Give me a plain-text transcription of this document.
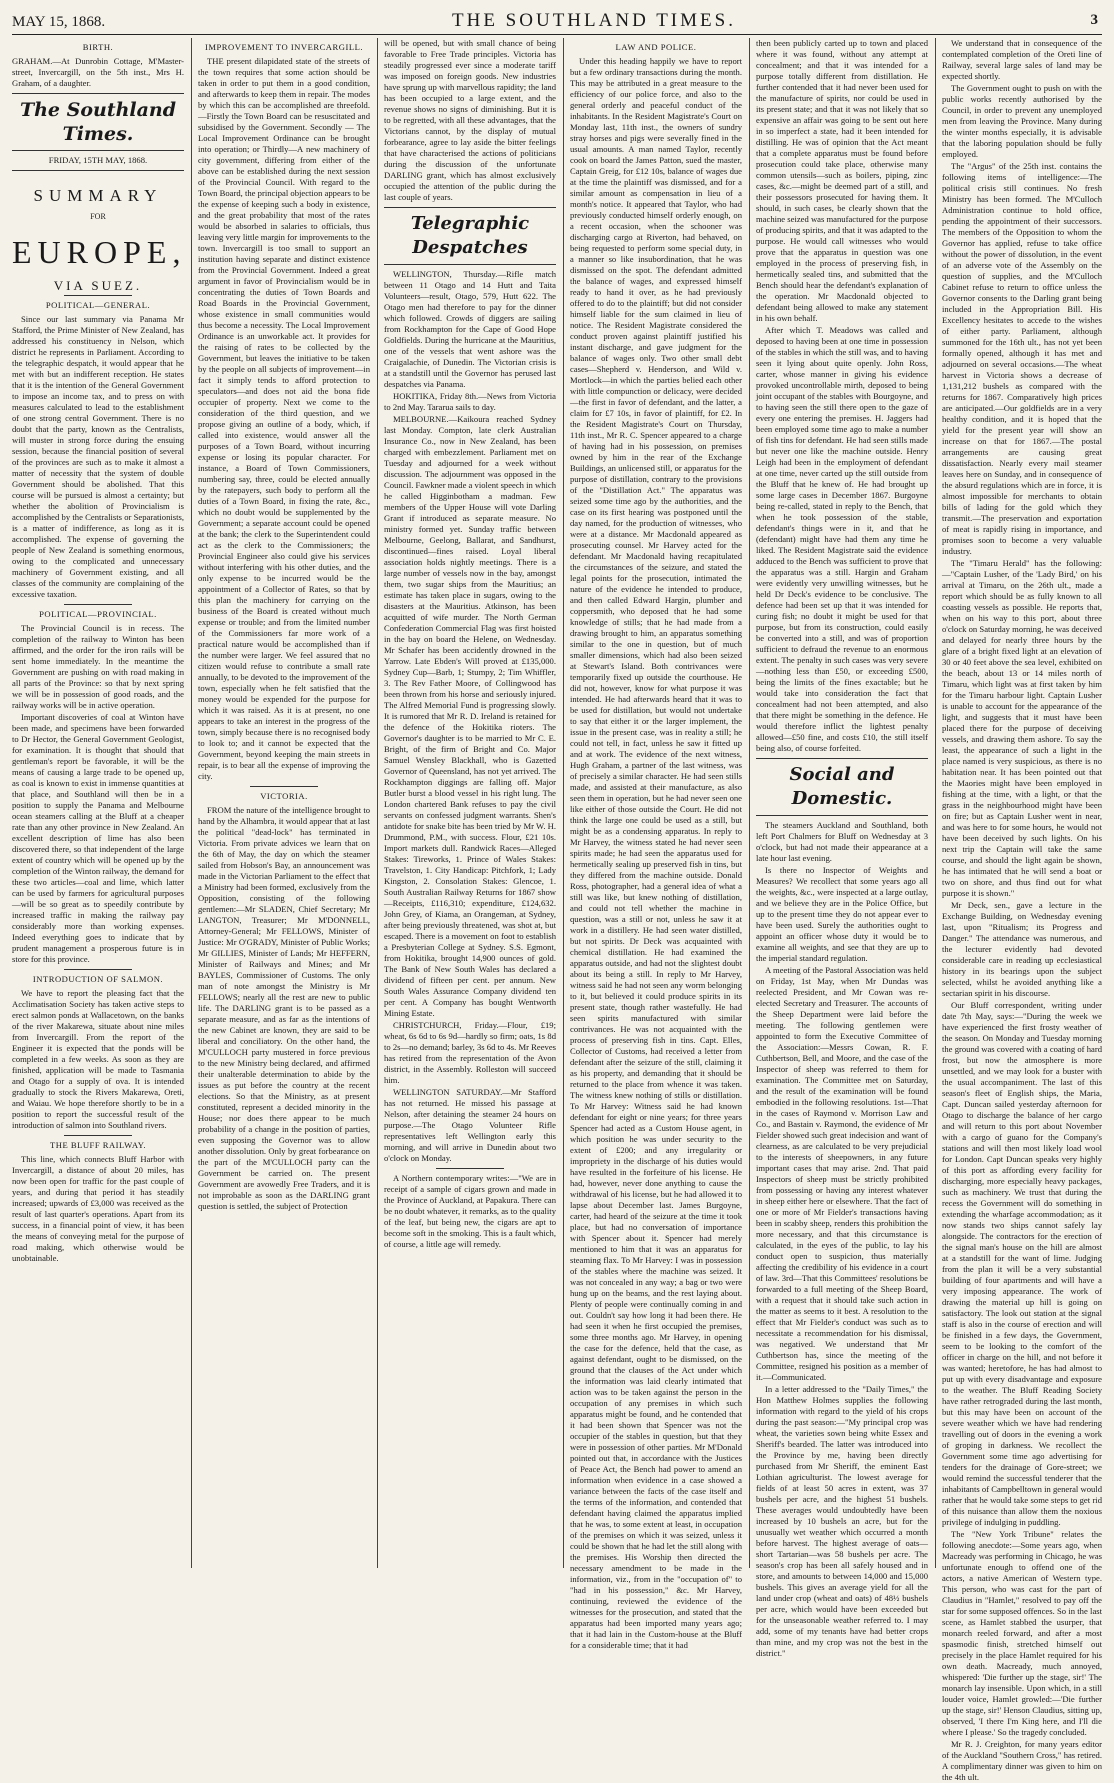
MAY 15, 1868.	THE SOUTHLAND TIMES.	3
BIRTH.

GRAHAM.—At Dunrobin Cottage, M'Master-street, Invercargill, on the 5th inst., Mrs H. Graham, of a daughter.

The Southland Times.
FRIDAY, 15TH MAY, 1868.
SUMMARY
FOR
EUROPE,
VIA SUEZ.
POLITICAL—GENERAL.

Since our last summary via Panama Mr Stafford, the Prime Minister of New Zealand, has addressed his constituency in Nelson, which district he represents in Parliament. According to the telegraphic despatch, it would appear that he met with but an indifferent reception. He states that it is the intention of the General Government to impose an income tax, and to press on with measures calculated to lead to the establishment of one strong central Government. There is no doubt that the party, known as the Centralists, will muster in strong force during the ensuing session, because the financial position of several of the provinces are such as to make it almost a matter of necessity that the system of double Government should be abolished. That this course will be pursued is almost a certainty; but whether the abolition of Provincialism is accomplished by the Centralists or Separationists, is a matter of indifference, as long as it is accomplished. The expense of governing the people of New Zealand is something enormous, owing to the complicated and unnecessary machinery of Government existing, and all classes of the community are complaining of the excessive taxation.

POLITICAL—PROVINCIAL.

The Provincial Council is in recess. The completion of the railway to Winton has been affirmed, and the order for the iron rails will be sent home immediately. In the meantime the Government are pushing on with road making in all parts of the Province: so that by next spring we will be in possession of good roads, and the railway works will be in active operation.

Important discoveries of coal at Winton have been made, and specimens have been forwarded to Dr Hector, the General Government Geologist, for examination. It is thought that should that gentleman's report be favorable, it will be the means of causing a large trade to be opened up, as coal is known to exist in immense quantities at that place, and Southland will then be in a position to supply the Panama and Melbourne ocean steamers calling at the Bluff at a cheaper rate than any other province in New Zealand. An excellent description of lime has also been discovered there, so that independent of the large extent of country which will be opened up by the completion of the Winton railway, the demand for these two articles—coal and lime, which latter can be used by farmers for agricultural purposes—will be so great as to speedily contribute by increased traffic in making the railway pay considerably more than working expenses. Indeed everything goes to indicate that by prudent management a prosperous future is in store for this province.

INTRODUCTION OF SALMON.

We have to report the pleasing fact that the Acclimatisation Society has taken active steps to erect salmon ponds at Wallacetown, on the banks of the river Makarewa, situate about nine miles from Invercargill. From the report of the Engineer it is expected that the ponds will be completed in a few weeks. As soon as they are finished, application will be made to Tasmania and Otago for a supply of ova. It is intended gradually to stock the Rivers Makarewa, Oreti, and Waiau. We hope therefore shortly to be in a position to report the successful result of the introduction of salmon into Southland rivers.

THE BLUFF RAILWAY.

This line, which connects Bluff Harbor with Invercargill, a distance of about 20 miles, has now been open for traffic for the past couple of years, and during that period it has steadily increased; upwards of £3,000 was received as the result of last quarter's operations. Apart from its success, in a financial point of view, it has been the means of conveying metal for the purpose of road making, which otherwise would be unobtainable.

IMPROVEMENT TO INVERCARGILL.

THE present dilapidated state of the streets of the town requires that some action should be taken in order to put them in a good condition, and afterwards to keep them in repair. The modes by which this can be accomplished are threefold.—Firstly the Town Board can be resuscitated and subsidised by the Government. Secondly — The Local Improvement Ordinance can be brought into operation; or Thirdly—A new machinery of city government, differing from either of the above can be established during the next session of the Provincial Council. With regard to the Town Board, the principal objection appears to be the expense of keeping such a body in existence, and the great probability that most of the rates would be absorbed in salaries to officials, thus leaving very little margin for improvements to the town. Invercargill is too small to support an institution having separate and distinct existence from the Provincial Government. Indeed a great argument in favor of Provincialism would be in concentrating the duties of Town Boards and Road Boards in the Provincial Government, whose existence in small communities would thus become a necessity. The Local Improvement Ordinance is an unworkable act. It provides for the raising of rates to be collected by the Government, but leaves the initiative to be taken by the people on all subjects of improvement—in fact it simply tends to afford protection to speculators—and does not aid the bona fide occupier of property. Next we come to the consideration of the third question, and we propose giving an outline of a body, which, if called into existence, would answer all the purposes of a Town Board, without incurring expense or losing its popular character. For instance, a Board of Town Commissioners, numbering say, three, could be elected annually by the ratepayers, such body to perform all the duties of a Town Board, in fixing the rate, &c., which no doubt would be supplemented by the Government; a separate account could be opened at the bank; the clerk to the Superintendent could act as the clerk to the Commissioners; the Provincial Engineer also could give his services without interfering with his other duties, and the only expense to be incurred would be the appointment of a Collector of Rates, so that by this plan the machinery for carrying on the business of the Board is created without much expense or trouble; and from the limited number of the Commissioners far more work of a practical nature would be accomplished than if the number were larger. We feel assured that no citizen would refuse to contribute a small rate annually, to be devoted to the improvement of the town, especially when he felt satisfied that the money would be expended for the purpose for which it was raised. As it is at present, no one appears to take an interest in the progress of the town, simply because there is no recognised body to look to; and it cannot be expected that the Government, beyond keeping the main streets in repair, is to bear all the expense of improving the city.

VICTORIA.

FROM the nature of the intelligence brought to hand by the Alhambra, it would appear that at last the political "dead-lock" has terminated in Victoria. From private advices we learn that on the 6th of May, the day on which the steamer sailed from Hobson's Bay, an announcement was made in the Victorian Parliament to the effect that a Ministry had been formed, exclusively from the Opposition, consisting of the following gentlemen:—Mr SLADEN, Chief Secretary; Mr LANGTON, Treasurer; Mr M'DONNELL, Attorney-General; Mr FELLOWS, Minister of Justice: Mr O'GRADY, Minister of Public Works; Mr GILLIES, Minister of Lands; Mr HEFFERN, Minister of Railways and Mines; and Mr BAYLES, Commissioner of Customs. The only man of note amongst the Ministry is Mr FELLOWS; nearly all the rest are new to public life. The DARLING grant is to be passed as a separate measure, and as far as the intentions of the new Cabinet are known, they are said to be liberal and conciliatory. On the other hand, the M'CULLOCH party mustered in force previous to the new Ministry being declared, and affirmed their unalterable determination to abide by the issues as put before the country at the recent elections. So that the Ministry, as at present constituted, represent a decided minority in the House; nor does there appear to be much probability of a change in the position of parties, even supposing the Governor was to allow another dissolution. Only by great forbearance on the part of the M'CULLOCH party can the Government be carried on. The present Government are avowedly Free Traders, and it is not improbable as soon as the DARLING grant question is settled, the subject of Protection

will be opened, but with small chance of being favorable to Free Trade principles. Victoria has steadily progressed ever since a moderate tariff was imposed on foreign goods. New industries have sprung up with marvellous rapidity; the land has been occupied to a large extent, and the revenue shows no signs of diminishing. But it is to be regretted, with all these advantages, that the Victorians cannot, by the display of mutual forbearance, agree to lay aside the bitter feelings that have characterised the actions of politicians during the discussion of the unfortunate DARLING grant, which has almost exclusively occupied the attention of the public during the last couple of years.

Telegraphic Despatches

WELLINGTON, Thursday.—Rifle match between 11 Otago and 14 Hutt and Taita Volunteers—result, Otago, 579, Hutt 622. The Otago men had therefore to pay for the dinner which followed. Crowds of diggers are sailing from Rockhampton for the Cape of Good Hope Goldfields. During the hurricane at the Mauritius, one of the vessels that went ashore was the Craigalachie, of Dunedin. The Victorian crisis is at a standstill until the Governor has perused last despatches via Panama.

HOKITIKA, Friday 8th.—News from Victoria to 2nd May. Tararua sails to day.

MELBOURNE.—Kaikoura reached Sydney last Monday. Compton, late clerk Australian Insurance Co., now in New Zealand, has been charged with embezzlement. Parliament met on Tuesday and adjourned for a week without discussion. The adjournment was opposed in the Council. Fawkner made a violent speech in which he called Higginbotham a madman. Few members of the Upper House will vote Darling Grant if introduced as separate measure. No ministry formed yet. Sunday traffic between Melbourne, Geelong, Ballarat, and Sandhurst, discontinued—fines raised. Loyal liberal association holds nightly meetings. There is a large number of vessels now in the bay, amongst them, two sugar ships from the Mauritius; an estimate has taken place in sugars, owing to the disasters at the Mauritius. Atkinson, has been acquitted of wife murder. The North German Confederation Commercial Flag was first hoisted in the bay on board the Helene, on Wednesday. Mr Schafer has been accidently drowned in the Yarrow. Late Ebden's Will proved at £135,000. Sydney Cup—Barb, 1; Stumpy, 2; Tim Whiffler, 3. The Rev Father Moore, of Collingwood has been thrown from his horse and seriously injured. The Alfred Memorial Fund is progressing slowly. It is rumored that Mr R. D. Ireland is retained for the defence of the Hokitika rioters. The Governor's daughter is to be married to Mr C. E. Bright, of the firm of Bright and Co. Major Samuel Wensley Blackhall, who is Gazetted Governor of Queensland, has not yet arrived. The Rockhampton diggings are falling off. Major Butler burst a blood vessel in his right lung. The London chartered Bank refuses to pay the civil servants on confessed judgment warrants. Shen's antidote for snake bite has been tried by Mr W. H. Drummond, P.M., with success. Flour, £21 10s. Import markets dull. Randwick Races—Alleged Stakes: Tireworks, 1. Prince of Wales Stakes: Travelston, 1. City Handicap: Pitchfork, 1; Lady Kingston, 2. Consolation Stakes: Glencoe, 1. South Australian Railway Returns for 1867 show—Receipts, £116,310; expenditure, £124,632. John Grey, of Kiama, an Orangeman, at Sydney, after being previously threatened, was shot at, but escaped. There is a movement on foot to establish a Presbyterian College at Sydney. S.S. Egmont, from Hokitika, brought 14,900 ounces of gold. The Bank of New South Wales has declared a dividend of fifteen per cent. per annum. New South Wales Assurance Company dividend ten per cent. A Company has bought Wentworth Mining Estate.

CHRISTCHURCH, Friday.—Flour, £19; wheat, 6s 6d to 6s 9d—hardly so firm; oats, 1s 8d to 2s—no demand; barley, 3s 6d to 4s. Mr Reeves has retired from the representation of the Avon district, in the Assembly. Rolleston will succeed him.

WELLINGTON SATURDAY.—Mr Stafford has not returned. He missed his passage at Nelson, after detaining the steamer 24 hours on purpose.—The Otago Volunteer Rifle representatives left Wellington early this morning, and will arrive in Dunedin about two o'clock on Monday.

A Northern contemporary writes:—"We are in receipt of a sample of cigars grown and made in the Province of Auckland, at Papakura. There can be no doubt whatever, it remarks, as to the quality of the leaf, but being new, the cigars are apt to become soft in the smoking. This is a fault which, of course, a little age will remedy.

LAW AND POLICE.

Under this heading happily we have to report but a few ordinary transactions during the month. This may be attributed in a great measure to the efficiency of our police force, and also to the general orderly and peaceful conduct of the inhabitants. In the Resident Magistrate's Court on Monday last, 11th inst., the owners of sundry stray horses and pigs were severally fined in the usual amounts. A man named Taylor, recently cook on board the James Patton, sued the master, Captain Greig, for £12 10s, balance of wages due at the time the plaintiff was dismissed, and for a similar amount as compensation in lieu of a month's notice. It appeared that Taylor, who had previously conducted himself orderly enough, on a recent occasion, when the schooner was discharging cargo at Riverton, had behaved, on being requested to perform some special duty, in a manner so like insubordination, that he was dismissed on the spot. The defendant admitted the balance of wages, and expressed himself ready to hand it over, as he had previously offered to do to the plaintiff; but did not consider himself liable for the sum claimed in lieu of notice. The Resident Magistrate considered the conduct proven against plaintiff justified his instant discharge, and gave judgment for the balance of wages only. Two other small debt cases—Shepherd v. Henderson, and Wild v. Mortlock—in which the parties belied each other with little compunction or delicacy, were decided—the first in favor of defendant, and the latter, a claim for £7 10s, in favor of plaintiff, for £2. In the Resident Magistrate's Court on Thursday, 11th inst., Mr R. C. Spencer appeared to a charge of having had in his possession, on premises owned by him in the rear of the Exchange Buildings, an unlicensed still, or apparatus for the purpose of distillation, contrary to the provisions of the "Distillation Act." The apparatus was seized some time ago by the authorities, and the case on its first hearing was postponed until the day named, for the production of witnesses, who were at a distance. Mr Macdonald appeared as prosecuting counsel. Mr Harvey acted for the defendant. Mr Macdonald having recapitulated the circumstances of the seizure, and stated the legal points for the prosecution, intimated the nature of the evidence he intended to produce, and then called Edward Hargin, plumber and coppersmith, who deposed that he had some knowledge of stills; that he had made from a drawing brought to him, an apparatus something similar to the one in question, but of much smaller dimensions, which had also been seized at Stewart's Island. Both contrivances were temporarily fixed up outside the courthouse. He did not, however, know for what purpose it was intended. He had afterwards heard that it was to be used for distillation, but would not undertake to say that either it or the larger implement, the issue in the present case, was in reality a still; he could not tell, in fact, unless he saw it fitted up and at work. The evidence of the next witness, Hugh Graham, a partner of the last witness, was of precisely a similar character. He had seen stills made, and assisted at their manufacture, as also seen them in operation, but he had never seen one like either of those outside the Court. He did not think the large one could be used as a still, but might be as a condensing apparatus. In reply to Mr Harvey, the witness stated he had never seen spirits made; he had seen the apparatus used for hermetically sealing up preserved fish in tins, but they differed from the machine outside. Donald Ross, photographer, had a general idea of what a still was like, but knew nothing of distillation, and could not tell whether the machine in question, was a still or not, unless he saw it at work in a distillery. He had seen water distilled, but not spirits. Dr Deck was acquainted with chemical distillation. He had examined the apparatus outside, and had not the slightest doubt about its being a still. In reply to Mr Harvey, witness said he had not seen any worm belonging to it, but believed it could produce spirits in its present state, though rather wastefully. He had seen spirits manufactured with similar contrivances. He was not acquainted with the process of preserving fish in tins. Capt. Elles, Collector of Customs, had received a letter from defendant after the seizure of the still, claiming it as his property, and demanding that it should be returned to the place from whence it was taken. The witness knew nothing of stills or distillation. To Mr Harvey: Witness said he had known defendant for eight or nine years; for three years Spencer had acted as a Custom House agent, in which position he was under security to the extent of £200; and any irregularity or impropriety in the discharge of his duties would have resulted in the forfeiture of his license. He had, however, never done anything to cause the withdrawal of his license, but he had allowed it to lapse about December last. James Burgoyne, carter, had heard of the seizure at the time it took place, but had no conversation of importance with Spencer about it. Spencer had merely mentioned to him that it was an apparatus for steaming flax. To Mr Harvey: I was in possession of the stables where the machine was seized. It was not concealed in any way; a bag or two were hung up on the beams, and the rest laying about. Plenty of people were continually coming in and out. Couldn't say how long it had been there. He had seen it when he first occupied the premises, some three months ago. Mr Harvey, in opening the case for the defence, held that the case, as against defendant, ought to be dismissed, on the ground that the clauses of the Act under which the information was laid clearly intimated that action was to be taken against the person in the occupation of any premises in which such apparatus might be found, and he contended that it had been shown that Spencer was not the occupier of the stables in question, but that they were in possession of other parties. Mr M'Donald pointed out that, in accordance with the Justices of Peace Act, the Bench had power to amend an information when evidence in a case showed a variance between the facts of the case itself and the terms of the information, and contended that defendant having claimed the apparatus implied that he was, to some extent at least, in occupation of the premises on which it was seized, unless it could be shown that he had let the still along with the premises. His Worship then directed the necessary amendment to be made in the information, viz., from in the "occupation of" to "had in his possession," &c. Mr Harvey, continuing, reviewed the evidence of the witnesses for the prosecution, and stated that the apparatus had been imported many years ago; that it had lain in the Custom-house at the Bluff for a considerable time; that it had

then been publicly carted up to town and placed where it was found, without any attempt at concealment; and that it was intended for a purpose totally different from distillation. He further contended that it had never been used for the manufacture of spirits, nor could be used in its present state; and that it was not likely that so expensive an affair was going to be sent out here in so imperfect a state, had it been intended for distilling. He was of opinion that the Act meant that a complete apparatus must be found before prosecution could take place, otherwise many common utensils—such as boilers, piping, zinc cases, &c.—might be deemed part of a still, and their possessors prosecuted for having them. It should, in such cases, be clearly shown that the machine seized was manufactured for the purpose of producing spirits, and that it was adapted to the purpose. He would call witnesses who would prove that the apparatus in question was one employed in the process of preserving fish, in hermetically sealed tins, and submitted that the Bench should hear the defendant's explanation of the operation. Mr Macdonald objected to defendant being allowed to make any statement in his own behalf.

After which T. Meadows was called and deposed to having been at one time in possession of the stables in which the still was, and to having seen it lying about quite openly. John Ross, carter, whose manner in giving his evidence provoked uncontrollable mirth, deposed to being joint occupant of the stables with Bourgoyne, and to having seen the still there open to the gaze of every one entering the premises. H. Jaggers had been employed some time ago to make a number of fish tins for defendant. He had seen stills made but never one like the machine outside. Henry Leigh had been in the employment of defendant at one time, never carted up the still outside from the Bluff that he knew of. He had brought up some large cases in December 1867. Burgoyne being re-called, stated in reply to the Bench, that when he took possession of the stable, defendant's things were in it, and that he (defendant) might have had them any time he liked. The Resident Magistrate said the evidence adduced to the Bench was sufficient to prove that the apparatus was a still. Hargin and Graham were evidently very unwilling witnesses, but he held Dr Deck's evidence to be conclusive. The defence had been set up that it was intended for curing fish; no doubt it might be used for that purpose, but from its construction, could easily be converted into a still, and was of proportion sufficient to defraud the revenue to an enormous extent. The penalty in such cases was very severe—nothing less than £50, or exceeding £500, being the limits of the fines exactable; but he would take into consideration the fact that concealment had not been attempted, and also that there might be something in the defence. He would therefore inflict the lightest penalty allowed—£50 fine, and costs £10, the still itself being also, of course forfeited.

Social and Domestic.

The steamers Auckland and Southland, both left Port Chalmers for Bluff on Wednesday at 3 o'clock, but had not made their appearance at a late hour last evening.

Is there no Inspector of Weights and Measures? We recollect that some years ago all the weights, &c., were inspected at a large outlay, and we believe they are in the Police Office, but up to the present time they do not appear ever to have been used. Surely the authorities ought to appoint an officer whose duty it would be to examine all weights, and see that they are up to the imperial standard regulation.

A meeting of the Pastoral Association was held on Friday, 1st May, when Mr Dundas was reelected President, and Mr Cowan was re-elected Secretary and Treasurer. The accounts of the Sheep Department were laid before the meeting. The following gentlemen were appointed to form the Executive Committee of the Association:—Messrs Cowan, R. F. Cuthbertson, Bell, and Moore, and the case of the Inspector of sheep was referred to them for examination. The Committee met on Saturday, and the result of the examination will be found embodied in the following resolutions. 1st—That in the cases of Raymond v. Morrison Law and Co., and Bastain v. Raymond, the evidence of Mr Fielder showed such great indecision and want of clearness, as are calculated to be very prejudicial to the interests of sheepowners, in any future important cases that may arise. 2nd. That paid Inspectors of sheep must be strictly prohibited from possessing or having any interest whatever in sheep either here or elsewhere. That the fact of one or more of Mr Fielder's transactions having been in scabby sheep, renders this prohibition the more necessary, and that this circumstance is calculated, in the eyes of the public, to lay his conduct open to suspicion, thus materially affecting the credibility of his evidence in a court of law. 3rd—That this Committees' resolutions be forwarded to a full meeting of the Sheep Board, with a request that it should take such action in the matter as seems to it best. A resolution to the effect that Mr Fielder's conduct was such as to necessitate a recommendation for his dismissal, was negatived. We understand that Mr Cuthbertson has, since the meeting of the Committee, resigned his position as a member of it.—Communicated.

In a letter addressed to the "Daily Times," the Hon Matthew Holmes supplies the following information with regard to the yield of his crops during the past season:—"My principal crop was wheat, the varieties sown being white Essex and Sheriff's bearded. The latter was introduced into the Province by me, having been directly purchased from Mr Sheriff, the eminent East Lothian agriculturist. The lowest average for fields of at least 50 acres in extent, was 37 bushels per acre, and the highest 51 bushels. These averages would undoubtedly have been increased by 10 bushels an acre, but for the unusually wet weather which occurred a month before harvest. The highest average of oats—short Tartarian—was 58 bushels per acre. The season's crop has been all safely housed and in store, and amounts to between 14,000 and 15,000 bushels. This gives an average yield for all the land under crop (wheat and oats) of 48½ bushels per acre, which would have been exceeded but for the unseasonable weather referred to. I may add, some of my tenants have had better crops than mine, and my crop was not the best in the district."

We understand that in consequence of the contemplated completion of the Oreti line of Railway, several large sales of land may be expected shortly.

The Government ought to push on with the public works recently authorised by the Council, in order to prevent any unemployed men from leaving the Province. Many during the winter months especially, it is advisable that the laboring population should be fully employed.

The "Argus" of the 25th inst. contains the following items of intelligence:—The political crisis still continues. No fresh Ministry has been formed. The M'Culloch Administration continue to hold office, pending the appointment of their successors. The members of the Opposition to whom the Governor has applied, refuse to take office without the power of dissolution, in the event of an adverse vote of the Assembly on the question of supplies, and the M'Culloch Cabinet refuse to return to office unless the Governor consents to the Darling grant being included in the Appropriation Bill. His Excellency hesitates to accede to the wishes of either party. Parliament, although summoned for the 16th ult., has not yet been formally opened, although it has met and adjourned on several occasions.—The wheat harvest in Victoria shows a decrease of 1,131,212 bushels as compared with the returns for 1867. Comparatively high prices are anticipated.—Our goldfields are in a very healthy condition, and it is hoped that the yield for the present year will show an increase on that for 1867.—The postal arrangements are causing great dissatisfaction. Nearly every mail steamer leaves here on Sunday, and in consequence of the absurd regulations which are in force, it is almost impossible for merchants to obtain bills of lading for the gold which they transmit.—The preservation and exportation of meat is rapidly rising in importance, and promises soon to become a very valuable industry.

The "Timaru Herald" has the following:—"Captain Lusher, of the 'Lady Bird,' on his arrival at Timaru, on the 26th ult., made a report which should be as fully known to all coasting vessels as possible. He reports that, when on his way to this port, about three o'clock on Saturday morning, he was deceived and delayed for nearly three hours by the glare of a bright fixed light at an elevation of 30 or 40 feet above the sea level, exhibited on the beach, about 13 or 14 miles north of Timaru, which light was at first taken by him for the Timaru harbour light. Captain Lusher is unable to account for the appearance of the light, and suggests that it must have been placed there for the purpose of deceiving vessels, and drawing them ashore. To say the least, the appearance of such a light in the place named is very suspicious, as there is no habitation near. It has been pointed out that the Maories might have been employed in fishing at the time, with a light, or that the grass in the neighbourhood might have been on fire; but as Captain Lusher went in near, and was here to for some hours, he would not have been deceived by such lights. On his next trip the Captain will take the same course, and should the light again be shown, he has intimated that he will send a boat or two on shore, and thus find out for what purpose it is shown."

Mr Deck, sen., gave a lecture in the Exchange Building, on Wednesday evening last, upon "Ritualism; its Progress and Danger." The attendance was numerous, and the lecturer evidently had devoted considerable care in reading up ecclesiastical history in its bearings upon the subject selected, whilst he avoided anything like a sectarian spirit in his discourse.

Our Bluff correspondent, writing under date 7th May, says:—"During the week we have experienced the first frosty weather of the season. On Monday and Tuesday morning the ground was covered with a coating of hard frost, but now the atmosphere is more unsettled, and we may look for a buster with the usual accompaniment. The last of this season's fleet of English ships, the Maria, Capt. Duncan sailed yesterday afternoon for Otago to discharge the balance of her cargo and will return to this port about November with a cargo of guano for the Company's stations and will then most likely load wool for London. Capt Duncan speaks very highly of this port as affording every facility for discharging, more especially heavy packages, such as machinery. We trust that during the recess the Government will do something in extending the wharfage accommodation; as it now stands two ships cannot safely lay alongside. The contractors for the erection of the signal man's house on the hill are almost at a standstill for the want of lime. Judging from the plan it will be a very substantial building of four apartments and will have a very imposing appearance. The work of drawing the material up hill is going on satisfactory. The look out station at the signal staff is also in the course of erection and will be finished in a few days, the Government, seem to be looking to the comfort of the officer in charge on the hill, and not before it was wanted; heretofore, he has had almost to put up with every disadvantage and exposure to the weather. The Bluff Reading Society have rather retrograded during the last month, but this may have been on account of the severe weather which we have had rendering travelling out of doors in the evening a work of groping in darkness. We recollect the Government some time ago advertising for tenders for the drainage of Gore-street; we would remind the successful tenderer that the inhabitants of Campbelltown in general would rather that he would take some steps to get rid of this nuisance than allow them the noxious privilege of indulging in puddling.

The "New York Tribune" relates the following anecdote:—Some years ago, when Macready was performing in Chicago, he was unfortunate enough to offend one of the actors, a native American of Western type. This person, who was cast for the part of Claudius in "Hamlet," resolved to pay off the star for some supposed offences. So in the last scene, as Hamlet stabbed the usurper, that monarch reeled forward, and after a most spasmodic finish, stretched himself out precisely in the place Hamlet required for his own death. Macready, much annoyed, whispered: 'Die further up the stage, sir!' The monarch lay insensible. Upon which, in a still louder voice, Hamlet growled:—'Die further up the stage, sir!' Henson Claudius, sitting up, observed, 'I there I'm King here, and I'll die where I please.' So the tragedy concluded.

Mr R. J. Creighton, for many years editor of the Auckland "Southern Cross," has retired. A complimentary dinner was given to him on the 4th ult.
